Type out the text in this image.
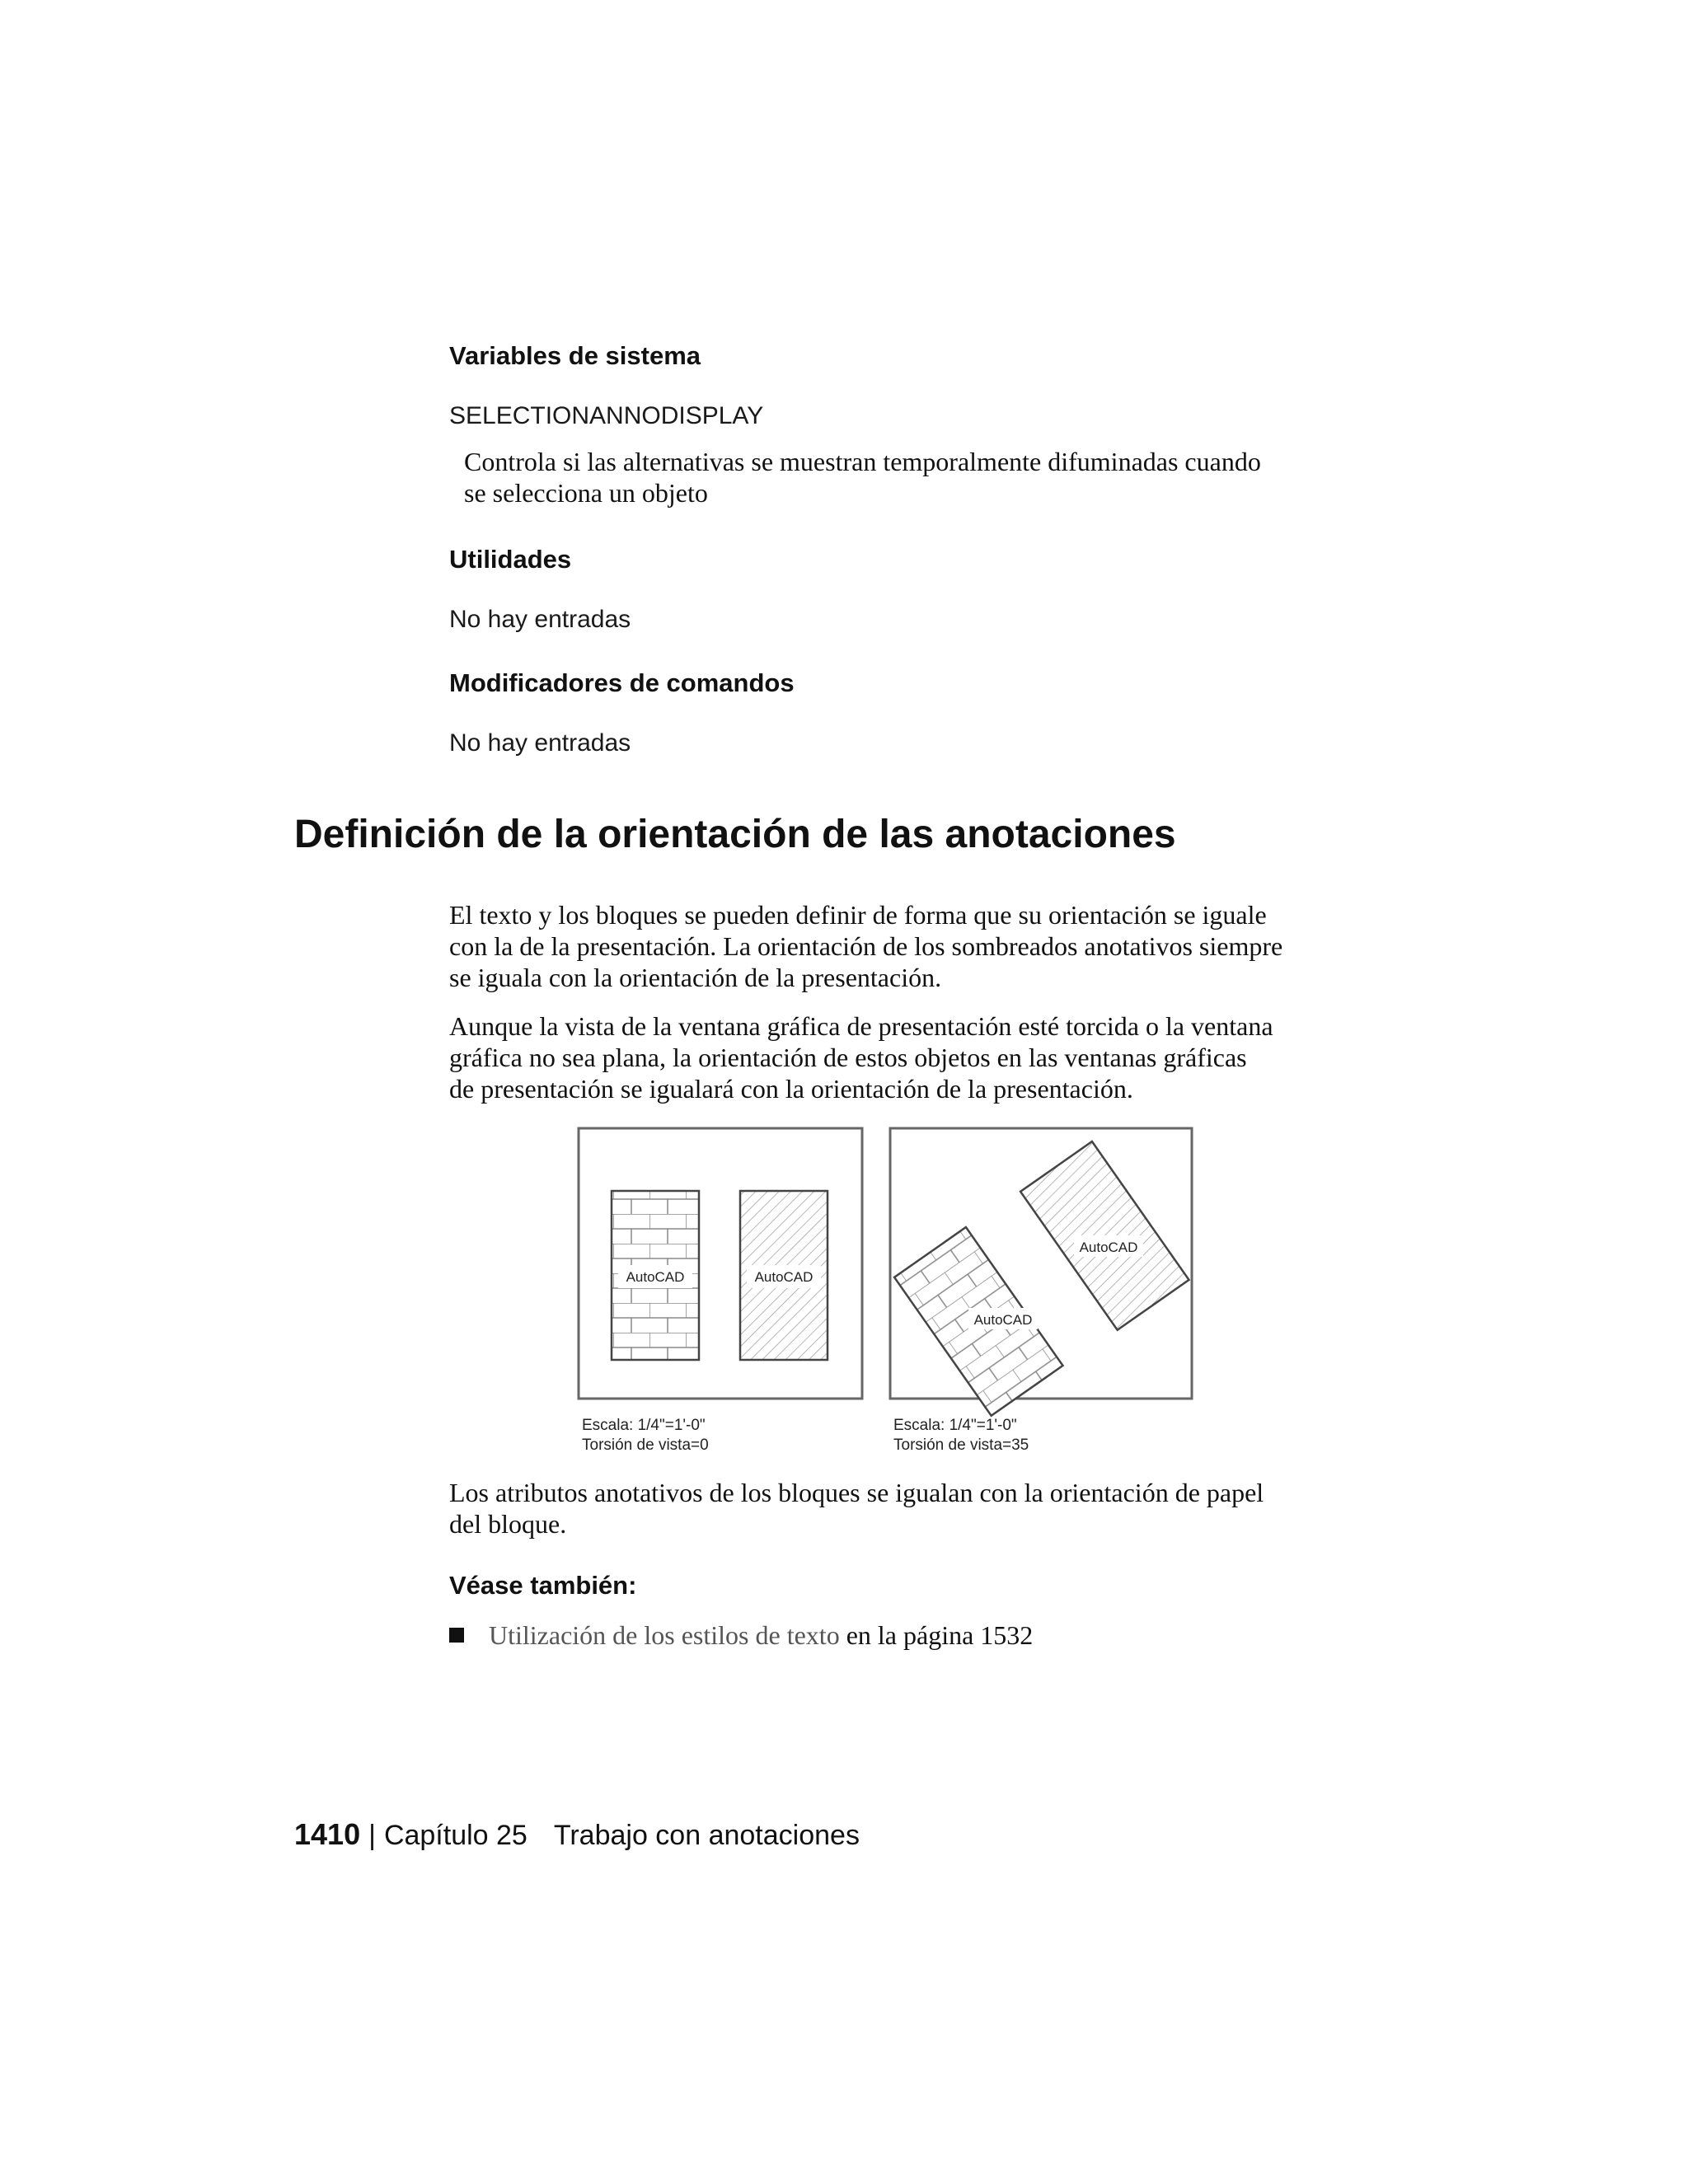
Variables de sistema
SELECTIONANNODISPLAY
Controla si las alternativas se muestran temporalmente difuminadas cuando
se selecciona un objeto
Utilidades
No hay entradas
Modificadores de comandos
No hay entradas
Definición de la orientación de las anotaciones
El texto y los bloques se pueden definir de forma que su orientación se iguale
con la de la presentación. La orientación de los sombreados anotativos siempre
se iguala con la orientación de la presentación.
Aunque la vista de la ventana gráfica de presentación esté torcida o la ventana
gráfica no sea plana, la orientación de estos objetos en las ventanas gráficas
de presentación se igualará con la orientación de la presentación.
AutoCAD	AutoCAD
AutoCAD
AutoCAD
Escala: 1/4"=1'-0"
Torsión de vista=0
Escala: 1/4"=1'-0"
Torsión de vista=35
Los atributos anotativos de los bloques se igualan con la orientación de papel
del bloque.
Véase también:
Utilización de los estilos de texto en la página 1532
1410 | Capítulo 25 Trabajo con anotaciones
